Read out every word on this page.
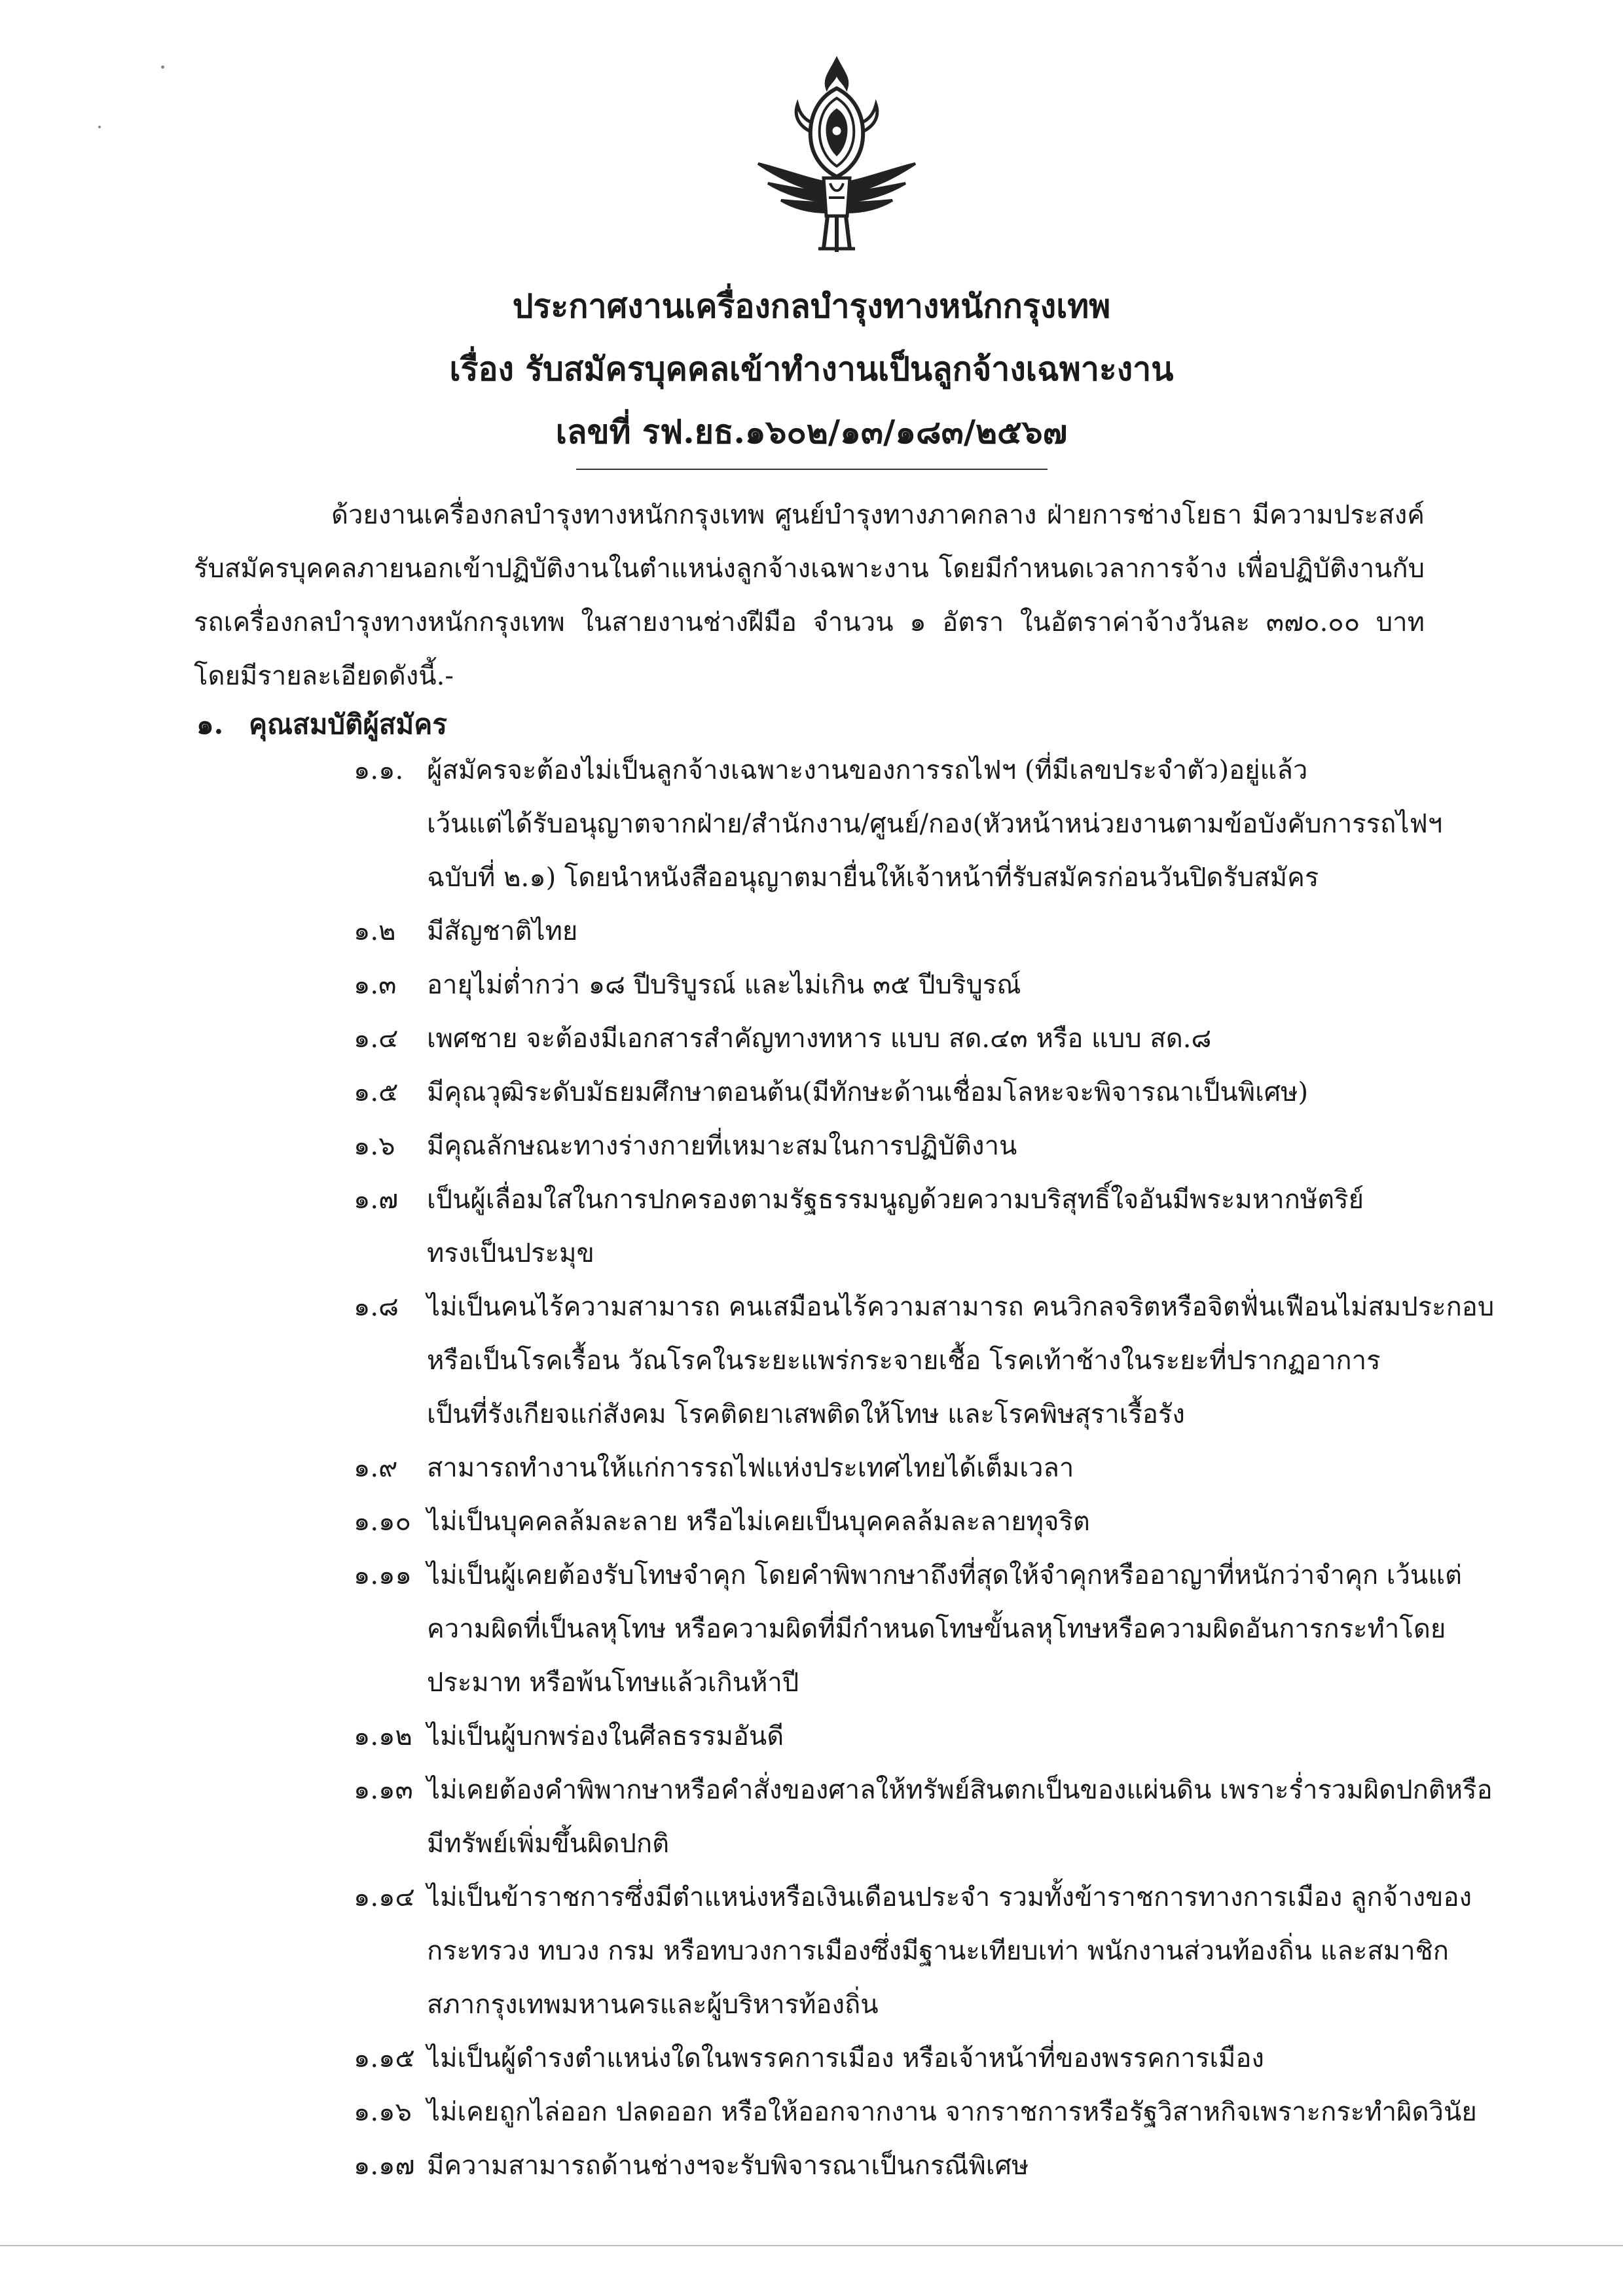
ประกาศงานเครื่องกลบำรุงทางหนักกรุงเทพ
เรื่อง รับสมัครบุคคลเข้าทำงานเป็นลูกจ้างเฉพาะงาน
เลขที่ รฟ.ยธ.๑๖๐๒/๑๓/๑๘๓/๒๕๖๗
ด้วยงานเครื่องกลบำรุงทางหนักกรุงเทพ ศูนย์บำรุงทางภาคกลาง ฝ่ายการช่างโยธา มีความประสงค์รับสมัครบุคคลภายนอกเข้าปฏิบัติงานในตำแหน่งลูกจ้างเฉพาะงาน โดยมีกำหนดเวลาการจ้าง เพื่อปฏิบัติงานกับรถเครื่องกลบำรุงทางหนักกรุงเทพ ในสายงานช่างฝีมือ จำนวน ๑ อัตรา ในอัตราค่าจ้างวันละ ๓๗๐.๐๐ บาท โดยมีรายละเอียดดังนี้.-
๑. คุณสมบัติผู้สมัคร
๑.๑. ผู้สมัครจะต้องไม่เป็นลูกจ้างเฉพาะงานของการรถไฟฯ (ที่มีเลขประจำตัว)อยู่แล้ว
เว้นแต่ได้รับอนุญาตจากฝ่าย/สำนักงาน/ศูนย์/กอง(หัวหน้าหน่วยงานตามข้อบังคับการรถไฟฯ
ฉบับที่ ๒.๑) โดยนำหนังสืออนุญาตมายื่นให้เจ้าหน้าที่รับสมัครก่อนวันปิดรับสมัคร
๑.๒	มีสัญชาติไทย
๑.๓	อายุไม่ต่ำกว่า ๑๘ ปีบริบูรณ์ และไม่เกิน ๓๕ ปีบริบูรณ์
๑.๔	เพศชาย จะต้องมีเอกสารสำคัญทางทหาร แบบ สด.๔๓ หรือ แบบ สด.๘
๑.๕	มีคุณวุฒิระดับมัธยมศึกษาตอนต้น(มีทักษะด้านเชื่อมโลหะจะพิจารณาเป็นพิเศษ)
๑.๖	มีคุณลักษณะทางร่างกายที่เหมาะสมในการปฏิบัติงาน
๑.๗	เป็นผู้เลื่อมใสในการปกครองตามรัฐธรรมนูญด้วยความบริสุทธิ์ใจอันมีพระมหากษัตริย์
ทรงเป็นประมุข
๑.๘	ไม่เป็นคนไร้ความสามารถ คนเสมือนไร้ความสามารถ คนวิกลจริตหรือจิตฟั่นเฟือนไม่สมประกอบ
หรือเป็นโรคเรื้อน วัณโรคในระยะแพร่กระจายเชื้อ โรคเท้าช้างในระยะที่ปรากฏอาการ
เป็นที่รังเกียจแก่สังคม โรคติดยาเสพติดให้โทษ และโรคพิษสุราเรื้อรัง
๑.๙	สามารถทำงานให้แก่การรถไฟแห่งประเทศไทยได้เต็มเวลา
๑.๑๐ ไม่เป็นบุคคลล้มละลาย หรือไม่เคยเป็นบุคคลล้มละลายทุจริต
๑.๑๑ ไม่เป็นผู้เคยต้องรับโทษจำคุก โดยคำพิพากษาถึงที่สุดให้จำคุกหรืออาญาที่หนักว่าจำคุก เว้นแต่
ความผิดที่เป็นลหุโทษ หรือความผิดที่มีกำหนดโทษขั้นลหุโทษหรือความผิดอันการกระทำโดย
ประมาท หรือพ้นโทษแล้วเกินห้าปี
๑.๑๒ ไม่เป็นผู้บกพร่องในศีลธรรมอันดี
๑.๑๓ ไม่เคยต้องคำพิพากษาหรือคำสั่งของศาลให้ทรัพย์สินตกเป็นของแผ่นดิน เพราะร่ำรวมผิดปกติหรือ
มีทรัพย์เพิ่มขึ้นผิดปกติ
๑.๑๔ ไม่เป็นข้าราชการซึ่งมีตำแหน่งหรือเงินเดือนประจำ รวมทั้งข้าราชการทางการเมือง ลูกจ้างของ
กระทรวง ทบวง กรม หรือทบวงการเมืองซึ่งมีฐานะเทียบเท่า พนักงานส่วนท้องถิ่น และสมาชิก
สภากรุงเทพมหานครและผู้บริหารท้องถิ่น
๑.๑๕ ไม่เป็นผู้ดำรงตำแหน่งใดในพรรคการเมือง หรือเจ้าหน้าที่ของพรรคการเมือง
๑.๑๖ ไม่เคยถูกไล่ออก ปลดออก หรือให้ออกจากงาน จากราชการหรือรัฐวิสาหกิจเพราะกระทำผิดวินัย
๑.๑๗ มีความสามารถด้านช่างฯจะรับพิจารณาเป็นกรณีพิเศษ
